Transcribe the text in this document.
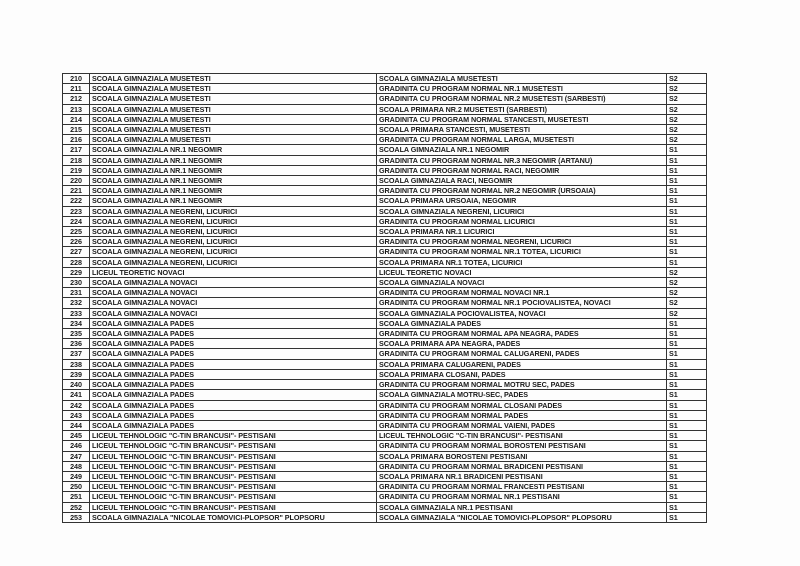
210	SCOALA GIMNAZIALA MUSETESTI	SCOALA GIMNAZIALA MUSETESTI	S2
211	SCOALA GIMNAZIALA MUSETESTI	GRADINITA CU PROGRAM NORMAL NR.1 MUSETESTI	S2
212	SCOALA GIMNAZIALA MUSETESTI	GRADINITA CU PROGRAM NORMAL NR.2 MUSETESTI (SARBESTI)	S2
213	SCOALA GIMNAZIALA MUSETESTI	SCOALA PRIMARA NR.2 MUSETESTI (SARBESTI)	S2
214	SCOALA GIMNAZIALA MUSETESTI	GRADINITA CU PROGRAM NORMAL STANCESTI, MUSETESTI	S2
215	SCOALA GIMNAZIALA MUSETESTI	SCOALA PRIMARA STANCESTI, MUSETESTI	S2
216	SCOALA GIMNAZIALA MUSETESTI	GRADINITA CU PROGRAM NORMAL LARGA, MUSETESTI	S2
217	SCOALA GIMNAZIALA NR.1 NEGOMIR	SCOALA GIMNAZIALA NR.1 NEGOMIR	S1
218	SCOALA GIMNAZIALA NR.1 NEGOMIR	GRADINITA CU PROGRAM NORMAL NR.3 NEGOMIR (ARTANU)	S1
219	SCOALA GIMNAZIALA NR.1 NEGOMIR	GRADINITA CU PROGRAM NORMAL RACI, NEGOMIR	S1
220	SCOALA GIMNAZIALA NR.1 NEGOMIR	SCOALA GIMNAZIALA RACI, NEGOMIR	S1
221	SCOALA GIMNAZIALA NR.1 NEGOMIR	GRADINITA CU PROGRAM NORMAL NR.2 NEGOMIR (URSOAIA)	S1
222	SCOALA GIMNAZIALA NR.1 NEGOMIR	SCOALA PRIMARA URSOAIA, NEGOMIR	S1
223	SCOALA GIMNAZIALA NEGRENI, LICURICI	SCOALA GIMNAZIALA NEGRENI, LICURICI	S1
224	SCOALA GIMNAZIALA NEGRENI, LICURICI	GRADINITA CU PROGRAM NORMAL LICURICI	S1
225	SCOALA GIMNAZIALA NEGRENI, LICURICI	SCOALA PRIMARA NR.1 LICURICI	S1
226	SCOALA GIMNAZIALA NEGRENI, LICURICI	GRADINITA CU PROGRAM NORMAL NEGRENI, LICURICI	S1
227	SCOALA GIMNAZIALA NEGRENI, LICURICI	GRADINITA CU PROGRAM NORMAL NR.1 TOTEA, LICURICI	S1
228	SCOALA GIMNAZIALA NEGRENI, LICURICI	SCOALA PRIMARA NR.1 TOTEA, LICURICI	S1
229	LICEUL TEORETIC NOVACI	LICEUL TEORETIC NOVACI	S2
230	SCOALA GIMNAZIALA NOVACI	SCOALA GIMNAZIALA NOVACI	S2
231	SCOALA GIMNAZIALA NOVACI	GRADINITA CU PROGRAM NORMAL NOVACI NR.1	S2
232	SCOALA GIMNAZIALA NOVACI	GRADINITA CU PROGRAM NORMAL NR.1 POCIOVALISTEA, NOVACI	S2
233	SCOALA GIMNAZIALA NOVACI	SCOALA GIMNAZIALA POCIOVALISTEA, NOVACI	S2
234	SCOALA GIMNAZIALA PADES	SCOALA GIMNAZIALA PADES	S1
235	SCOALA GIMNAZIALA PADES	GRADINITA CU PROGRAM NORMAL APA NEAGRA, PADES	S1
236	SCOALA GIMNAZIALA PADES	SCOALA PRIMARA APA NEAGRA, PADES	S1
237	SCOALA GIMNAZIALA PADES	GRADINITA CU PROGRAM NORMAL CALUGARENI, PADES	S1
238	SCOALA GIMNAZIALA PADES	SCOALA PRIMARA CALUGARENI, PADES	S1
239	SCOALA GIMNAZIALA PADES	SCOALA PRIMARA CLOSANI, PADES	S1
240	SCOALA GIMNAZIALA PADES	GRADINITA CU PROGRAM NORMAL MOTRU SEC, PADES	S1
241	SCOALA GIMNAZIALA PADES	SCOALA GIMNAZIALA MOTRU-SEC, PADES	S1
242	SCOALA GIMNAZIALA PADES	GRADINITA CU PROGRAM NORMAL CLOSANI PADES	S1
243	SCOALA GIMNAZIALA PADES	GRADINITA CU PROGRAM NORMAL PADES	S1
244	SCOALA GIMNAZIALA PADES	GRADINITA CU PROGRAM NORMAL VAIENI, PADES	S1
245	LICEUL TEHNOLOGIC "C-TIN BRANCUSI"- PESTISANI	LICEUL TEHNOLOGIC "C-TIN BRANCUSI"- PESTISANI	S1
246	LICEUL TEHNOLOGIC "C-TIN BRANCUSI"- PESTISANI	GRADINITA CU PROGRAM NORMAL BOROSTENI PESTISANI	S1
247	LICEUL TEHNOLOGIC "C-TIN BRANCUSI"- PESTISANI	SCOALA PRIMARA BOROSTENI PESTISANI	S1
248	LICEUL TEHNOLOGIC "C-TIN BRANCUSI"- PESTISANI	GRADINITA CU PROGRAM NORMAL BRADICENI PESTISANI	S1
249	LICEUL TEHNOLOGIC "C-TIN BRANCUSI"- PESTISANI	SCOALA PRIMARA NR.1 BRADICENI PESTISANI	S1
250	LICEUL TEHNOLOGIC "C-TIN BRANCUSI"- PESTISANI	GRADINITA CU PROGRAM NORMAL FRANCESTI PESTISANI	S1
251	LICEUL TEHNOLOGIC "C-TIN BRANCUSI"- PESTISANI	GRADINITA CU PROGRAM NORMAL NR.1 PESTISANI	S1
252	LICEUL TEHNOLOGIC "C-TIN BRANCUSI"- PESTISANI	SCOALA GIMNAZIALA NR.1 PESTISANI	S1
253	SCOALA GIMNAZIALA "NICOLAE TOMOVICI-PLOPSOR" PLOPSORU	SCOALA GIMNAZIALA "NICOLAE TOMOVICI-PLOPSOR" PLOPSORU	S1
